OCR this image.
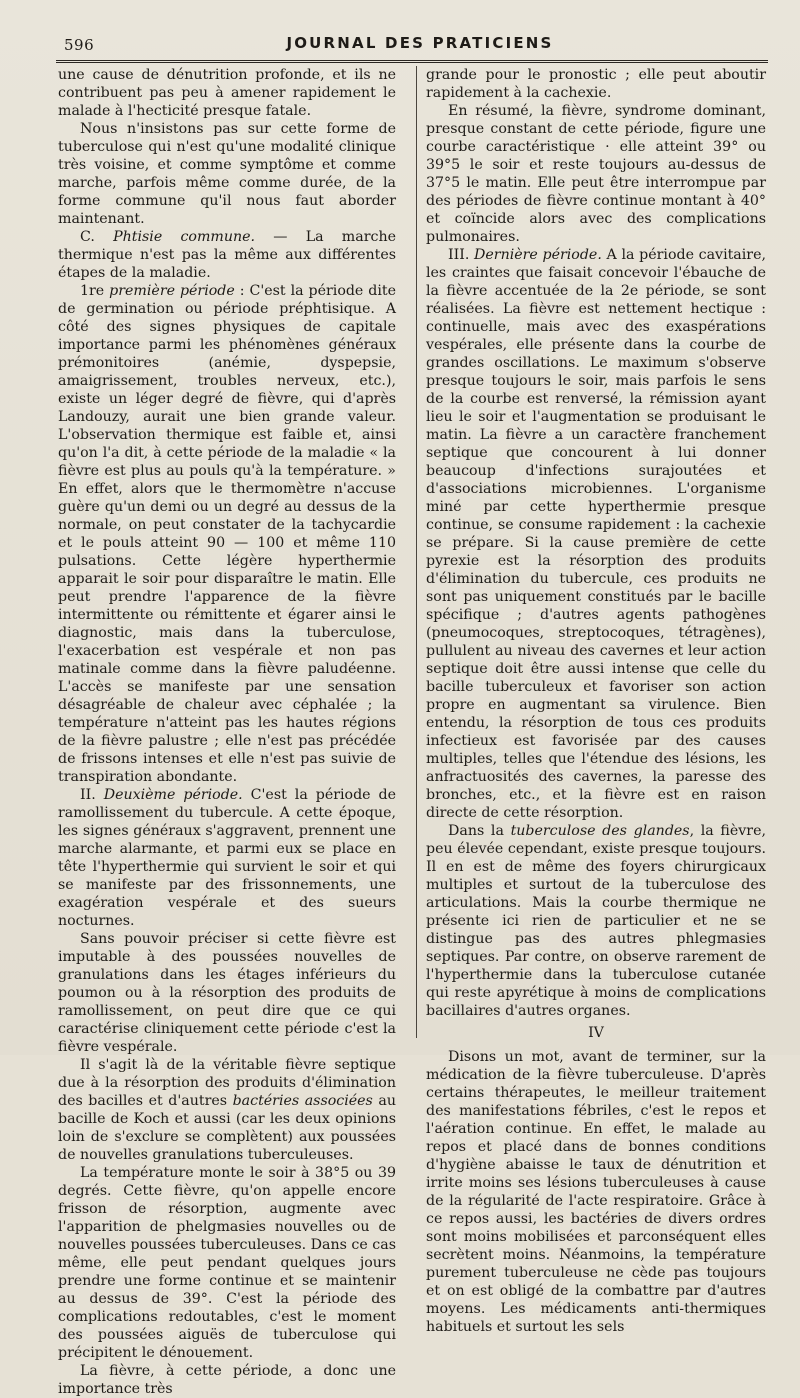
596	JOURNAL DES PRATICIENS

une cause de dénutrition profonde, et ils ne contribuent pas peu à amener rapidement le malade à l'hecticité presque fatale.

Nous n'insistons pas sur cette forme de tuberculose qui n'est qu'une modalité clinique très voisine, et comme symptôme et comme marche, parfois même comme durée, de la forme commune qu'il nous faut aborder maintenant.

C. Phtisie commune. — La marche thermique n'est pas la même aux différentes étapes de la maladie.

1re première période : C'est la période dite de germination ou période préphtisique. A côté des signes physiques de capitale importance parmi les phénomènes généraux prémonitoires (anémie, dyspepsie, amaigrissement, troubles nerveux, etc.), existe un léger degré de fièvre, qui d'après Landouzy, aurait une bien grande valeur. L'observation thermique est faible et, ainsi qu'on l'a dit, à cette période de la maladie « la fièvre est plus au pouls qu'à la température. » En effet, alors que le thermomètre n'accuse guère qu'un demi ou un degré au dessus de la normale, on peut constater de la tachycardie et le pouls atteint 90 — 100 et même 110 pulsations. Cette légère hyperthermie apparait le soir pour disparaître le matin. Elle peut prendre l'apparence de la fièvre intermittente ou rémittente et égarer ainsi le diagnostic, mais dans la tuberculose, l'exacerbation est vespérale et non pas matinale comme dans la fièvre paludéenne. L'accès se manifeste par une sensation désagréable de chaleur avec céphalée ; la température n'atteint pas les hautes régions de la fièvre palustre ; elle n'est pas précédée de frissons intenses et elle n'est pas suivie de transpiration abondante.

II. Deuxième période. C'est la période de ramollissement du tubercule. A cette époque, les signes généraux s'aggravent, prennent une marche alarmante, et parmi eux se place en tête l'hyperthermie qui survient le soir et qui se manifeste par des frissonnements, une exagération vespérale et des sueurs nocturnes.

Sans pouvoir préciser si cette fièvre est imputable à des poussées nouvelles de granulations dans les étages inférieurs du poumon ou à la résorption des produits de ramollissement, on peut dire que ce qui caractérise cliniquement cette période c'est la fièvre vespérale.

Il s'agit là de la véritable fièvre septique due à la résorption des produits d'élimination des bacilles et d'autres bactéries associées au bacille de Koch et aussi (car les deux opinions loin de s'exclure se complètent) aux poussées de nouvelles granulations tuberculeuses.

La température monte le soir à 38°5 ou 39 degrés. Cette fièvre, qu'on appelle encore frisson de résorption, augmente avec l'apparition de phelgmasies nouvelles ou de nouvelles poussées tuberculeuses. Dans ce cas même, elle peut pendant quelques jours prendre une forme continue et se maintenir au dessus de 39°. C'est la période des complications redoutables, c'est le moment des poussées aiguës de tuberculose qui précipitent le dénouement.

La fièvre, à cette période, a donc une importance très

grande pour le pronostic ; elle peut aboutir rapidement à la cachexie.

En résumé, la fièvre, syndrome dominant, presque constant de cette période, figure une courbe caractéristique · elle atteint 39° ou 39°5 le soir et reste toujours au-dessus de 37°5 le matin. Elle peut être interrompue par des périodes de fièvre continue montant à 40° et coïncide alors avec des complications pulmonaires.

III. Dernière période. A la période cavitaire, les craintes que faisait concevoir l'ébauche de la fièvre accentuée de la 2e période, se sont réalisées. La fièvre est nettement hectique : continuelle, mais avec des exaspérations vespérales, elle présente dans la courbe de grandes oscillations. Le maximum s'observe presque toujours le soir, mais parfois le sens de la courbe est renversé, la rémission ayant lieu le soir et l'augmentation se produisant le matin. La fièvre a un caractère franchement septique que concourent à lui donner beaucoup d'infections surajoutées et d'associations microbiennes. L'organisme miné par cette hyperthermie presque continue, se consume rapidement : la cachexie se prépare. Si la cause première de cette pyrexie est la résorption des produits d'élimination du tubercule, ces produits ne sont pas uniquement constitués par le bacille spécifique ; d'autres agents pathogènes (pneumocoques, streptocoques, tétragènes), pullulent au niveau des cavernes et leur action septique doit être aussi intense que celle du bacille tuberculeux et favoriser son action propre en augmentant sa virulence. Bien entendu, la résorption de tous ces produits infectieux est favorisée par des causes multiples, telles que l'étendue des lésions, les anfractuosités des cavernes, la paresse des bronches, etc., et la fièvre est en raison directe de cette résorption.

Dans la tuberculose des glandes, la fièvre, peu élevée cependant, existe presque toujours. Il en est de même des foyers chirurgicaux multiples et surtout de la tuberculose des articulations. Mais la courbe thermique ne présente ici rien de particulier et ne se distingue pas des autres phlegmasies septiques. Par contre, on observe rarement de l'hyperthermie dans la tuberculose cutanée qui reste apyrétique à moins de complications bacillaires d'autres organes.

IV

Disons un mot, avant de terminer, sur la médication de la fièvre tuberculeuse. D'après certains thérapeutes, le meilleur traitement des manifestations fébriles, c'est le repos et l'aération continue. En effet, le malade au repos et placé dans de bonnes conditions d'hygiène abaisse le taux de dénutrition et irrite moins ses lésions tuberculeuses à cause de la régularité de l'acte respiratoire. Grâce à ce repos aussi, les bactéries de divers ordres sont moins mobilisées et parconséquent elles secrètent moins. Néanmoins, la température purement tuberculeuse ne cède pas toujours et on est obligé de la combattre par d'autres moyens. Les médicaments anti-thermiques habituels et surtout les sels
